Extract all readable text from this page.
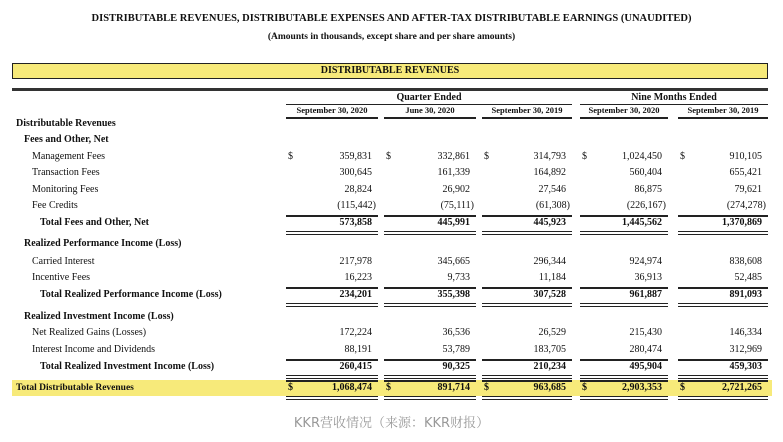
DISTRIBUTABLE REVENUES, DISTRIBUTABLE EXPENSES AND AFTER-TAX DISTRIBUTABLE EARNINGS (UNAUDITED)
(Amounts in thousands, except share and per share amounts)
DISTRIBUTABLE REVENUES
Quarter Ended	Nine Months Ended
KKR营收情况（来源：KKR财报）
September 30, 2020	June 30, 2020	September 30, 2019	September 30, 2020	September 30, 2019
Distributable Revenues
Fees and Other, Net
Management Fees	$	359,831 $	332,861 $	314,793 $	1,024,450 $	910,105
Transaction Fees	300,645	161,339	164,892	560,404	655,421
Monitoring Fees	28,824	26,902	27,546	86,875	79,621
Fee Credits	(115,442)	(75,111)	(61,308)	(226,167)	(274,278)
Total Fees and Other, Net	573,858	445,991	445,923	1,445,562	1,370,869
Realized Performance Income (Loss)
Carried Interest	217,978	345,665	296,344	924,974	838,608
Incentive Fees	16,223	9,733	11,184	36,913	52,485
Total Realized Performance Income (Loss)	234,201	355,398	307,528	961,887	891,093
Realized Investment Income (Loss)
Net Realized Gains (Losses)	172,224	36,536	26,529	215,430	146,334
Interest Income and Dividends	88,191	53,789	183,705	280,474	312,969
Total Realized Investment Income (Loss)	260,415	90,325	210,234	495,904	459,303
Total Distributable Revenues	$	1,068,474 $	891,714 $	963,685 $	2,903,353 $	2,721,265
